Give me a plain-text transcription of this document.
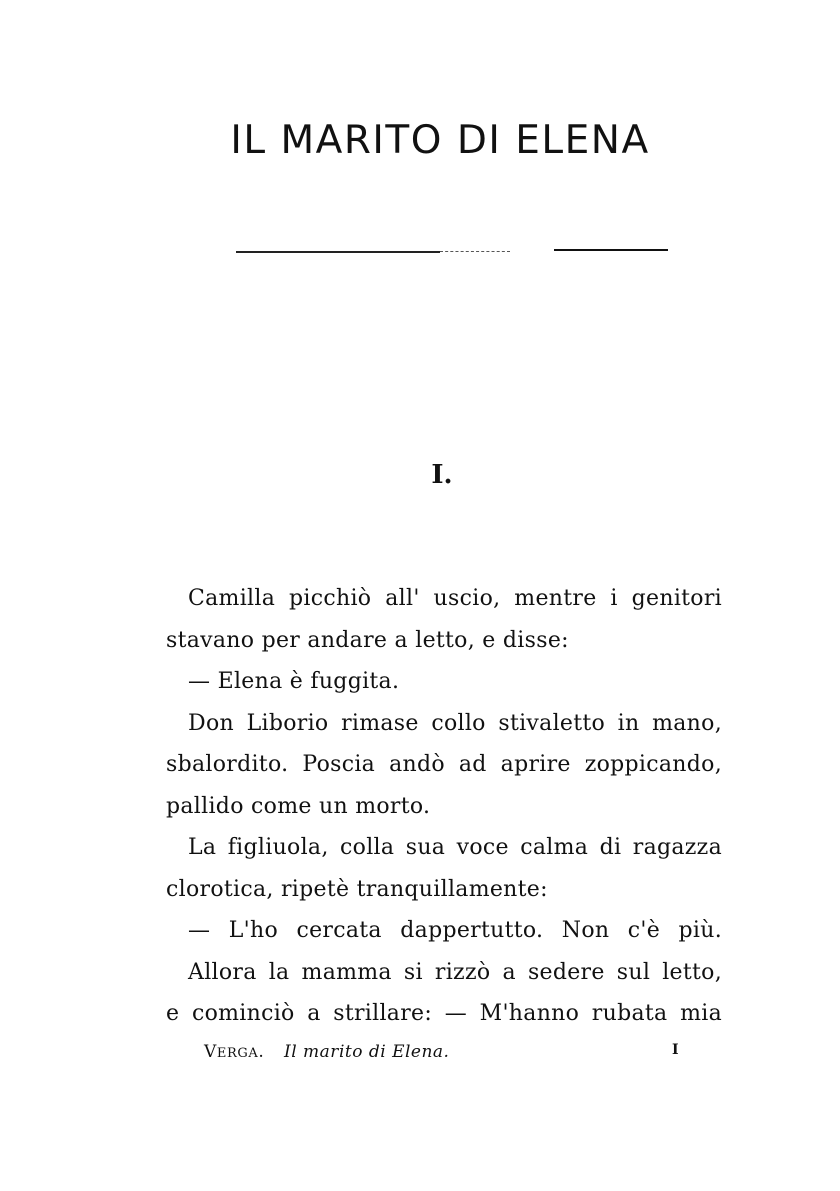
IL MARITO DI ELENA
I.
Camilla picchiò all' uscio, mentre i genitori
stavano per andare a letto, e disse:
— Elena è fuggita.
Don Liborio rimase collo stivaletto in mano,
sbalordito. Poscia andò ad aprire zoppicando,
pallido come un morto.
La figliuola, colla sua voce calma di ragazza
clorotica, ripetè tranquillamente:
— L'ho cercata dappertutto. Non c'è più.
Allora la mamma si rizzò a sedere sul letto,
e cominciò a strillare: — M'hanno rubata mia
VERGA. Il marito di Elena.	I
